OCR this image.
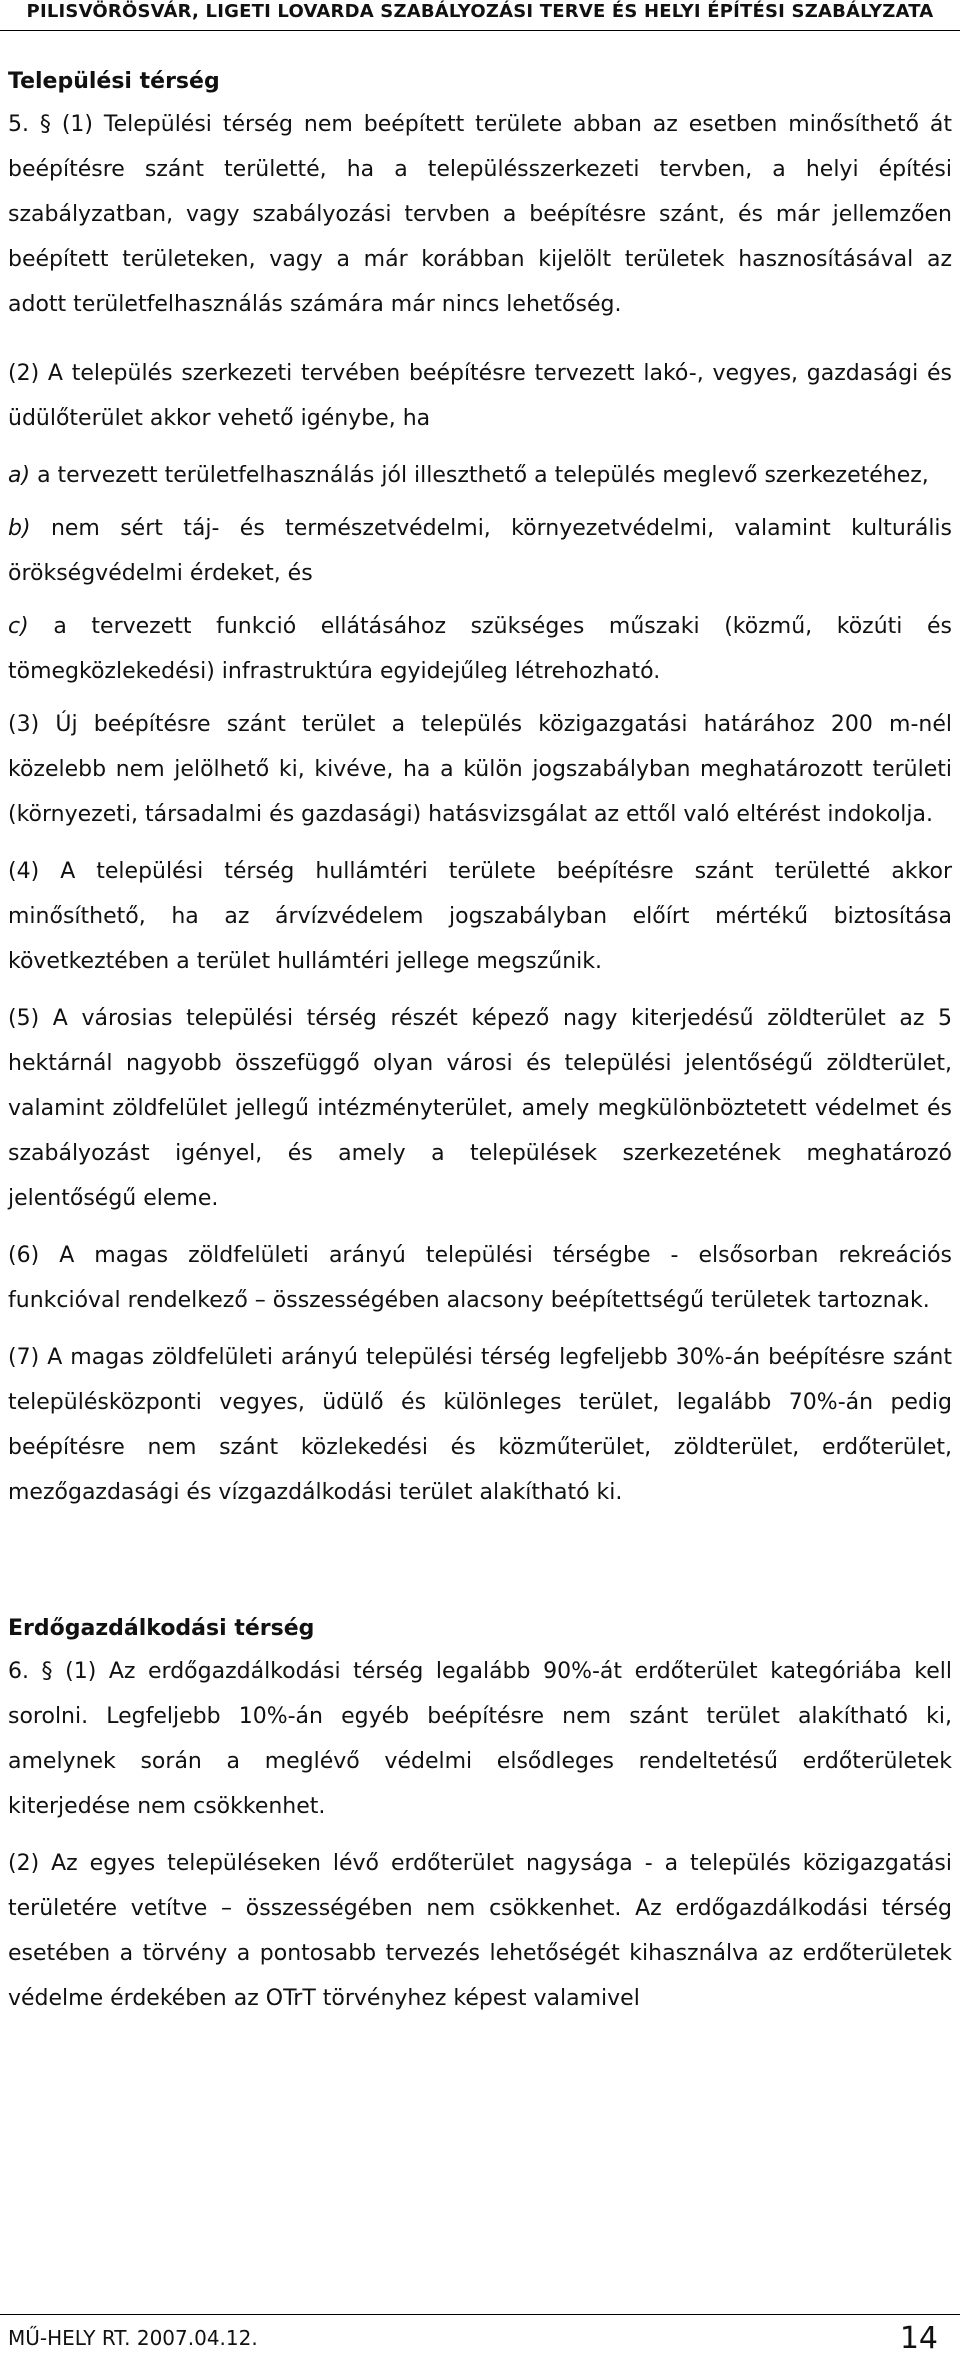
PILISVÖRÖSVÁR, LIGETI LOVARDA SZABÁLYOZÁSI TERVE ÉS HELYI ÉPÍTÉSI SZABÁLYZATA
Települési térség

5. § (1) Települési térség nem beépített területe abban az esetben minősíthető át beépítésre szánt területté, ha a településszerkezeti tervben, a helyi építési szabályzatban, vagy szabályozási tervben a beépítésre szánt, és már jellemzően beépített területeken, vagy a már korábban kijelölt területek hasznosításával az adott területfelhasználás számára már nincs lehetőség.

(2) A település szerkezeti tervében beépítésre tervezett lakó-, vegyes, gazdasági és üdülőterület akkor vehető igénybe, ha

a) a tervezett területfelhasználás jól illeszthető a település meglevő szerkezetéhez,

b) nem sért táj- és természetvédelmi, környezetvédelmi, valamint kulturális örökségvédelmi érdeket, és

c) a tervezett funkció ellátásához szükséges műszaki (közmű, közúti és tömegközlekedési) infrastruktúra egyidejűleg létrehozható.

(3) Új beépítésre szánt terület a település közigazgatási határához 200 m-nél közelebb nem jelölhető ki, kivéve, ha a külön jogszabályban meghatározott területi (környezeti, társadalmi és gazdasági) hatásvizsgálat az ettől való eltérést indokolja.

(4) A települési térség hullámtéri területe beépítésre szánt területté akkor minősíthető, ha az árvízvédelem jogszabályban előírt mértékű biztosítása következtében a terület hullámtéri jellege megszűnik.

(5) A városias települési térség részét képező nagy kiterjedésű zöldterület az 5 hektárnál nagyobb összefüggő olyan városi és települési jelentőségű zöldterület, valamint zöldfelület jellegű intézményterület, amely megkülönböztetett védelmet és szabályozást igényel, és amely a települések szerkezetének meghatározó jelentőségű eleme.

(6) A magas zöldfelületi arányú települési térségbe - elsősorban rekreációs funkcióval rendelkező – összességében alacsony beépítettségű területek tartoznak.

(7) A magas zöldfelületi arányú települési térség legfeljebb 30%-án beépítésre szánt településközponti vegyes, üdülő és különleges terület, legalább 70%-án pedig beépítésre nem szánt közlekedési és közműterület, zöldterület, erdőterület, mezőgazdasági és vízgazdálkodási terület alakítható ki.

Erdőgazdálkodási térség

6. § (1) Az erdőgazdálkodási térség legalább 90%-át erdőterület kategóriába kell sorolni. Legfeljebb 10%-án egyéb beépítésre nem szánt terület alakítható ki, amelynek során a meglévő védelmi elsődleges rendeltetésű erdőterületek kiterjedése nem csökkenhet.

(2) Az egyes településeken lévő erdőterület nagysága - a település közigazgatási területére vetítve – összességében nem csökkenhet. Az erdőgazdálkodási térség esetében a törvény a pontosabb tervezés lehetőségét kihasználva az erdőterületek védelme érdekében az OTrT törvényhez képest valamivel

MŰ-HELY RT. 2007.04.12.	14
